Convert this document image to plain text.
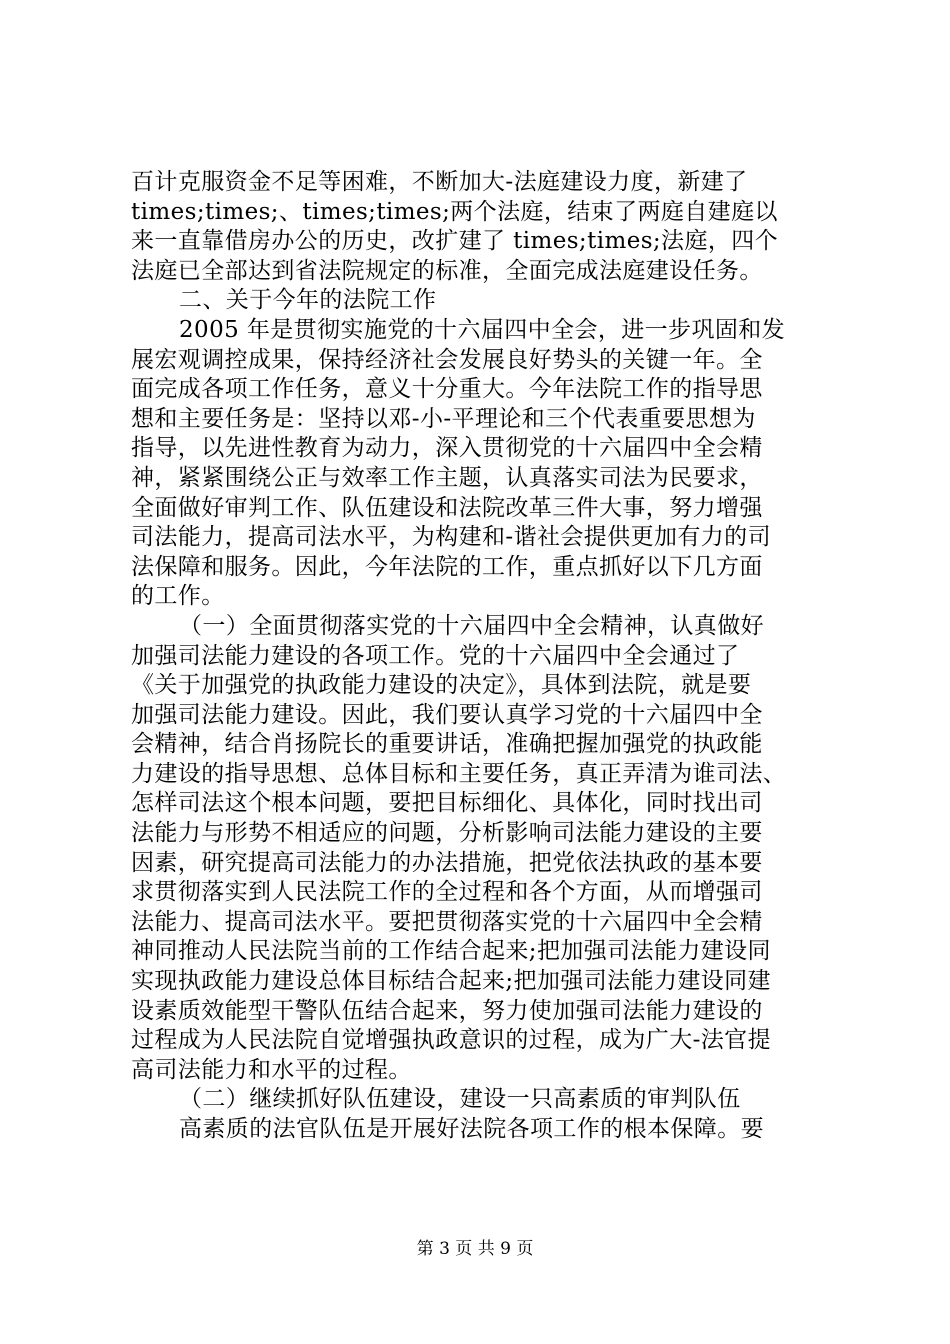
百计克服资金不足等困难，不断加大-法庭建设力度，新建了
times;times;、times;times;两个法庭，结束了两庭自建庭以
来一直靠借房办公的历史，改扩建了 times;times;法庭，四个
法庭已全部达到省法院规定的标准，全面完成法庭建设任务。
二、关于今年的法院工作
2005 年是贯彻实施党的十六届四中全会，进一步巩固和发
展宏观调控成果，保持经济社会发展良好势头的关键一年。全
面完成各项工作任务，意义十分重大。今年法院工作的指导思
想和主要任务是：坚持以邓-小-平理论和三个代表重要思想为
指导，以先进性教育为动力，深入贯彻党的十六届四中全会精
神，紧紧围绕公正与效率工作主题，认真落实司法为民要求，
全面做好审判工作、队伍建设和法院改革三件大事，努力增强
司法能力，提高司法水平，为构建和-谐社会提供更加有力的司
法保障和服务。因此，今年法院的工作，重点抓好以下几方面
的工作。
（一）全面贯彻落实党的十六届四中全会精神，认真做好
加强司法能力建设的各项工作。党的十六届四中全会通过了
《关于加强党的执政能力建设的决定》，具体到法院，就是要
加强司法能力建设。因此，我们要认真学习党的十六届四中全
会精神，结合肖扬院长的重要讲话，准确把握加强党的执政能
力建设的指导思想、总体目标和主要任务，真正弄清为谁司法、
怎样司法这个根本问题，要把目标细化、具体化，同时找出司
法能力与形势不相适应的问题，分析影响司法能力建设的主要
因素，研究提高司法能力的办法措施，把党依法执政的基本要
求贯彻落实到人民法院工作的全过程和各个方面，从而增强司
法能力、提高司法水平。要把贯彻落实党的十六届四中全会精
神同推动人民法院当前的工作结合起来;把加强司法能力建设同
实现执政能力建设总体目标结合起来;把加强司法能力建设同建
设素质效能型干警队伍结合起来，努力使加强司法能力建设的
过程成为人民法院自觉增强执政意识的过程，成为广大-法官提
高司法能力和水平的过程。
（二）继续抓好队伍建设，建设一只高素质的审判队伍
高素质的法官队伍是开展好法院各项工作的根本保障。要
第 3 页 共 9 页
